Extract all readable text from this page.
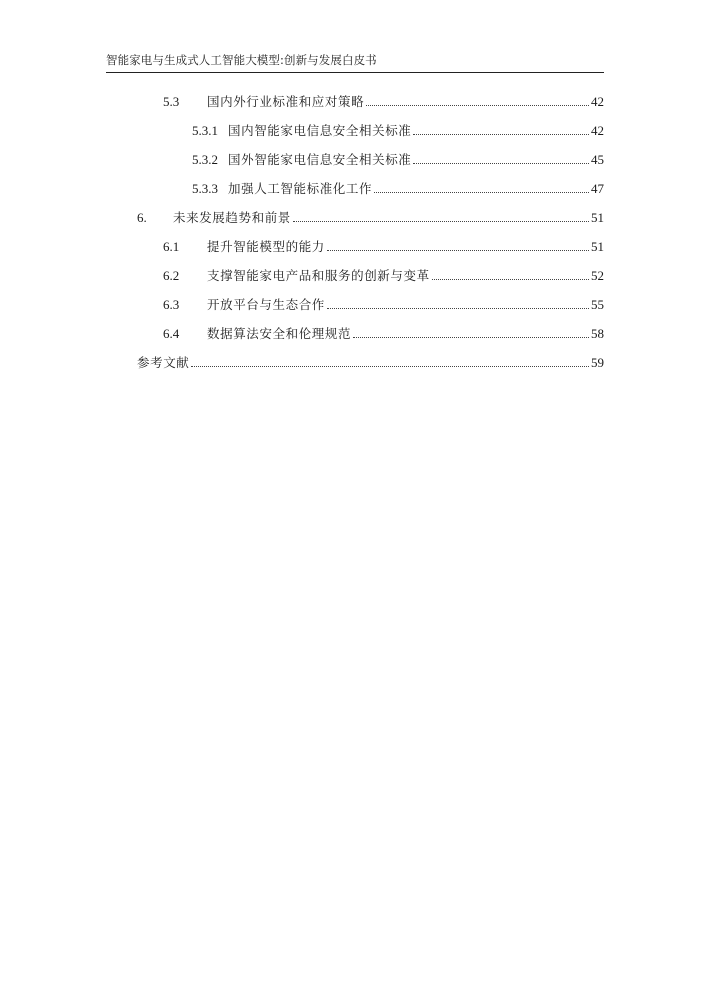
智能家电与生成式人工智能大模型:创新与发展白皮书
5.3	国内外行业标准和应对策略	42
5.3.1 国内智能家电信息安全相关标准	42
5.3.2 国外智能家电信息安全相关标准	45
5.3.3 加强人工智能标准化工作	47
6.	未来发展趋势和前景	51
6.1	提升智能模型的能力	51
6.2	支撑智能家电产品和服务的创新与变革	52
6.3	开放平台与生态合作	55
6.4	数据算法安全和伦理规范	58
参考文献	59
